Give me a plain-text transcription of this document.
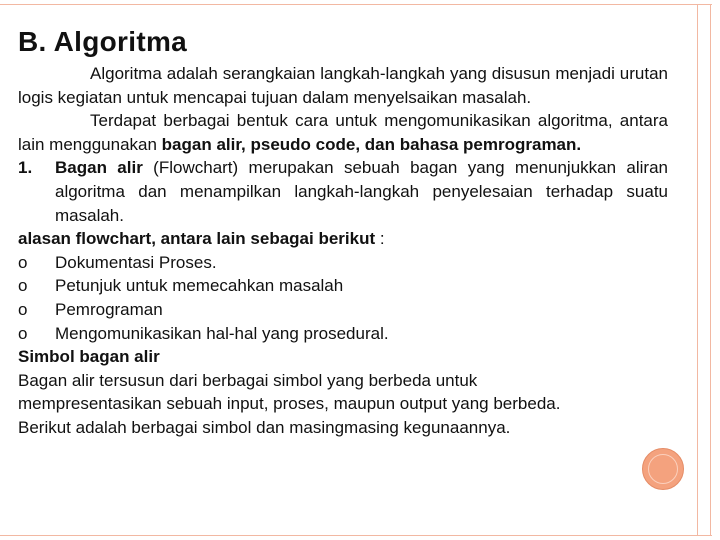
B. Algoritma

Algoritma adalah serangkaian langkah-langkah yang disusun menjadi urutan logis kegiatan untuk mencapai tujuan dalam menyelsaikan masalah.

Terdapat berbagai bentuk cara untuk mengomunikasikan algoritma, antara lain menggunakan bagan alir, pseudo code, dan bahasa pemrograman.

1.	Bagan alir (Flowchart) merupakan sebuah bagan yang menunjukkan aliran algoritma dan menampilkan langkah-langkah penyelesaian terhadap suatu masalah.

alasan flowchart, antara lain sebagai berikut :

o	Dokumentasi Proses.
o	Petunjuk untuk memecahkan masalah
o	Pemrograman
o	Mengomunikasikan hal-hal yang prosedural.

Simbol bagan alir

Bagan alir tersusun dari berbagai simbol yang berbeda untuk mempresentasikan sebuah input, proses, maupun output yang berbeda. Berikut adalah berbagai simbol dan masingmasing kegunaannya.
